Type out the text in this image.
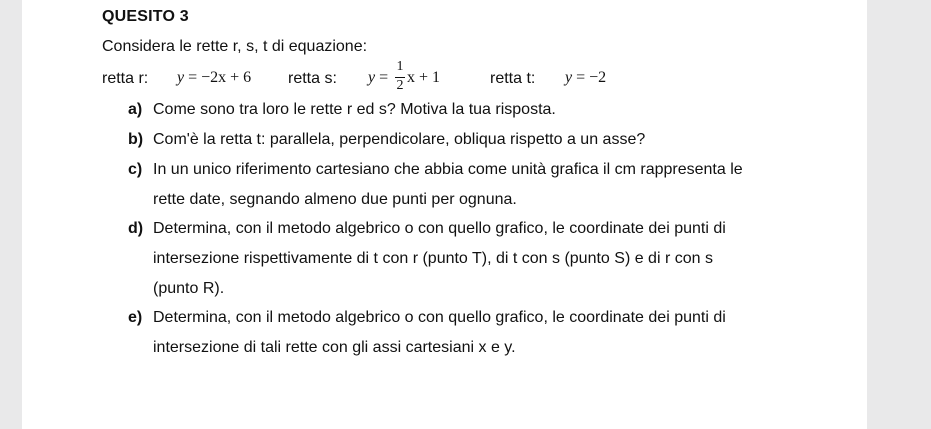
QUESITO 3
Considera le rette r, s, t di equazione:
retta r: y = −2x + 6 retta s: y =
1
2 x + 1	retta t: y = −2
a) Come sono tra loro le rette r ed s? Motiva la tua risposta.
b) Com'è la retta t: parallela, perpendicolare, obliqua rispetto a un asse?
c) In un unico riferimento cartesiano che abbia come unità grafica il cm rappresenta le
rette date, segnando almeno due punti per ognuna.
d) Determina, con il metodo algebrico o con quello grafico, le coordinate dei punti di
intersezione rispettivamente di t con r (punto T), di t con s (punto S) e di r con s
(punto R).
e) Determina, con il metodo algebrico o con quello grafico, le coordinate dei punti di
intersezione di tali rette con gli assi cartesiani x e y.
